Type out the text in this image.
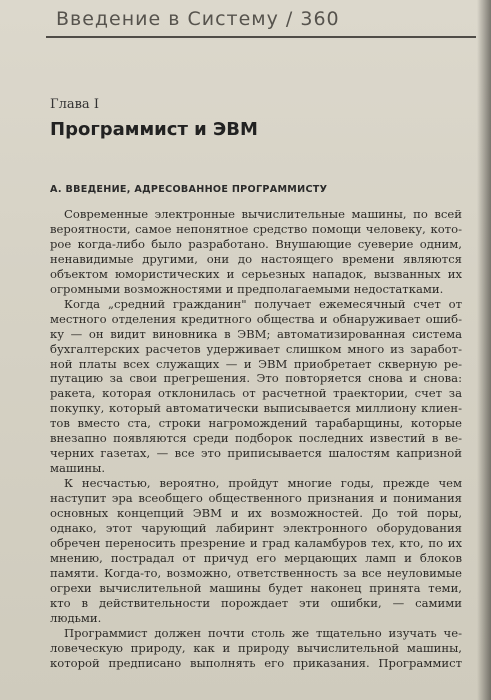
Введение в Систему / 360
Глава I
Программист и ЭВМ
A. ВВЕДЕНИЕ, АДРЕСОВАННОЕ ПРОГРАММИСТУ
Современные электронные вычислительные машины, по всей
вероятности, самое непонятное средство помощи человеку, кото-
рое когда-либо было разработано. Внушающие суеверие одним,
ненавидимые другими, они до настоящего времени являются
объектом юмористических и серьезных нападок, вызванных их
огромными возможностями и предполагаемыми недостатками.
Когда „средний гражданин" получает ежемесячный счет от
местного отделения кредитного общества и обнаруживает ошиб-
ку — он видит виновника в ЭВМ; автоматизированная система
бухгалтерских расчетов удерживает слишком много из заработ-
ной платы всех служащих — и ЭВМ приобретает скверную ре-
путацию за свои прегрешения. Это повторяется снова и снова:
ракета, которая отклонилась от расчетной траектории, счет за
покупку, который автоматически выписывается миллиону клиен-
тов вместо ста, строки нагромождений тарабарщины, которые
внезапно появляются среди подборок последних известий в ве-
черних газетах, — все это приписывается шалостям капризной
машины.
К несчастью, вероятно, пройдут многие годы, прежде чем
наступит эра всеобщего общественного признания и понимания
основных концепций ЭВМ и их возможностей. До той поры,
однако, этот чарующий лабиринт электронного оборудования
обречен переносить презрение и град каламбуров тех, кто, по их
мнению, пострадал от причуд его мерцающих ламп и блоков
памяти. Когда-то, возможно, ответственность за все неуловимые
огрехи вычислительной машины будет наконец принята теми,
кто в действительности порождает эти ошибки, — самими
людьми.
Программист должен почти столь же тщательно изучать че-
ловеческую природу, как и природу вычислительной машины,
которой предписано выполнять его приказания. Программист
